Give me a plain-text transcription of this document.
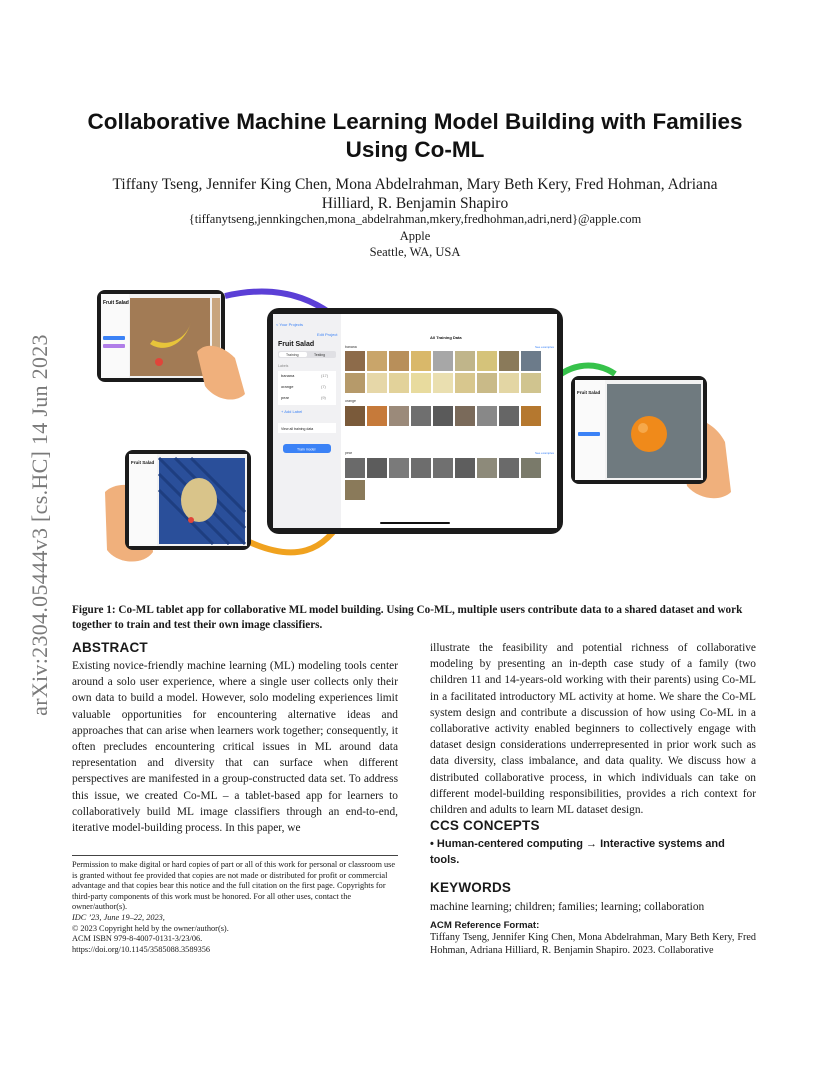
arXiv:2304.05444v3 [cs.HC] 14 Jun 2023
Collaborative Machine Learning Model Building with Families
Using Co-ML
Tiffany Tseng, Jennifer King Chen, Mona Abdelrahman, Mary Beth Kery, Fred Hohman, Adriana
Hilliard, R. Benjamin Shapiro
{tiffanytseng,jennkingchen,mona_abdelrahman,mkery,fredhohman,adri,nerd}@apple.com
Apple
Seattle, WA, USA
Fruit Salad
< Your Projects
Edit Project
Fruit Salad
Training	Testing
Labels
banana	(17)
orange	(7)
pear	(9)
+ Add Label
View all training data
Train model
All Training Data
banana	See examples
orange
pear	See examples
Fruit Salad
Fruit Salad
Figure 1: Co-ML tablet app for collaborative ML model building. Using Co-ML, multiple users contribute data to a shared dataset and work together to train and test their own image classifiers.
ABSTRACT
Existing novice-friendly machine learning (ML) modeling tools center around a solo user experience, where a single user collects only their own data to build a model. However, solo modeling experiences limit valuable opportunities for encountering alternative ideas and approaches that can arise when learners work together; consequently, it often precludes encountering critical issues in ML around data representation and diversity that can surface when different perspectives are manifested in a group-constructed data set. To address this issue, we created Co-ML – a tablet-based app for learners to collaboratively build ML image classifiers through an end-to-end, iterative model-building process. In this paper, we
illustrate the feasibility and potential richness of collaborative modeling by presenting an in-depth case study of a family (two children 11 and 14-years-old working with their parents) using Co-ML in a facilitated introductory ML activity at home. We share the Co-ML system design and contribute a discussion of how using Co-ML in a collaborative activity enabled beginners to collectively engage with dataset design considerations underrepresented in prior work such as data diversity, class imbalance, and data quality. We discuss how a distributed collaborative process, in which individuals can take on different model-building responsibilities, provides a rich context for children and adults to learn ML dataset design.
CCS CONCEPTS
• Human-centered computing → Interactive systems and tools.
KEYWORDS
machine learning; children; families; learning; collaboration
ACM Reference Format:
Tiffany Tseng, Jennifer King Chen, Mona Abdelrahman, Mary Beth Kery, Fred Hohman, Adriana Hilliard, R. Benjamin Shapiro. 2023. Collaborative
Permission to make digital or hard copies of part or all of this work for personal or classroom use is granted without fee provided that copies are not made or distributed for profit or commercial advantage and that copies bear this notice and the full citation on the first page. Copyrights for third-party components of this work must be honored. For all other uses, contact the owner/author(s).
IDC ’23, June 19–22, 2023,
© 2023 Copyright held by the owner/author(s).
ACM ISBN 979-8-4007-0131-3/23/06.
https://doi.org/10.1145/3585088.3589356
